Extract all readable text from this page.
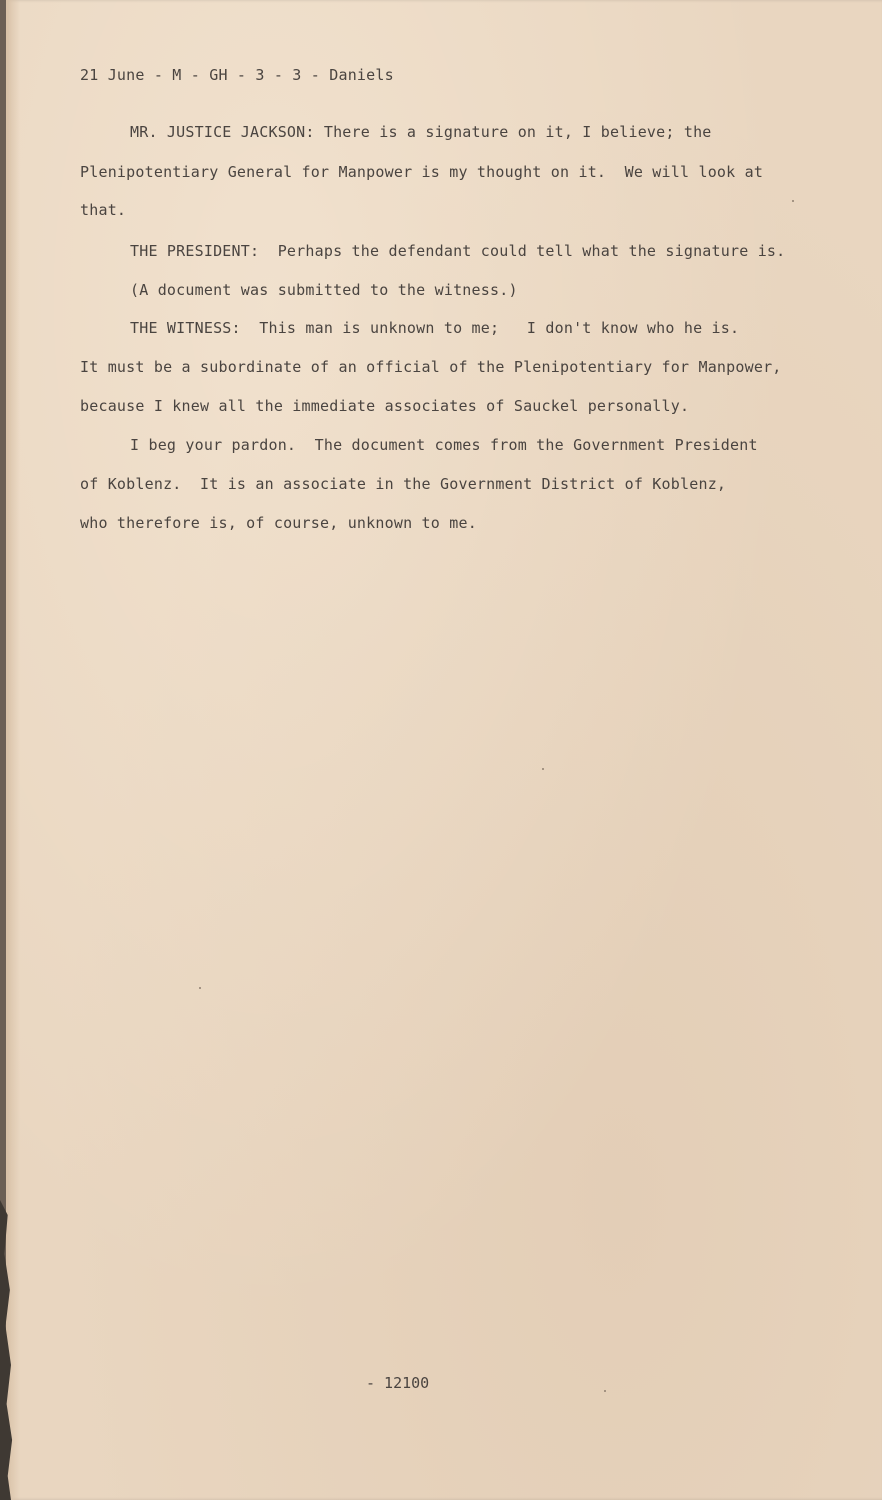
21 June - M - GH - 3 - 3 - Daniels
MR. JUSTICE JACKSON: There is a signature on it, I believe; the
Plenipotentiary General for Manpower is my thought on it.  We will look at
that.
THE PRESIDENT:  Perhaps the defendant could tell what the signature is.
(A document was submitted to the witness.)
THE WITNESS:  This man is unknown to me;   I don't know who he is.
It must be a subordinate of an official of the Plenipotentiary for Manpower,
because I knew all the immediate associates of Sauckel personally.
I beg your pardon.  The document comes from the Government President
of Koblenz.  It is an associate in the Government District of Koblenz,
who therefore is, of course, unknown to me.
- 12100
